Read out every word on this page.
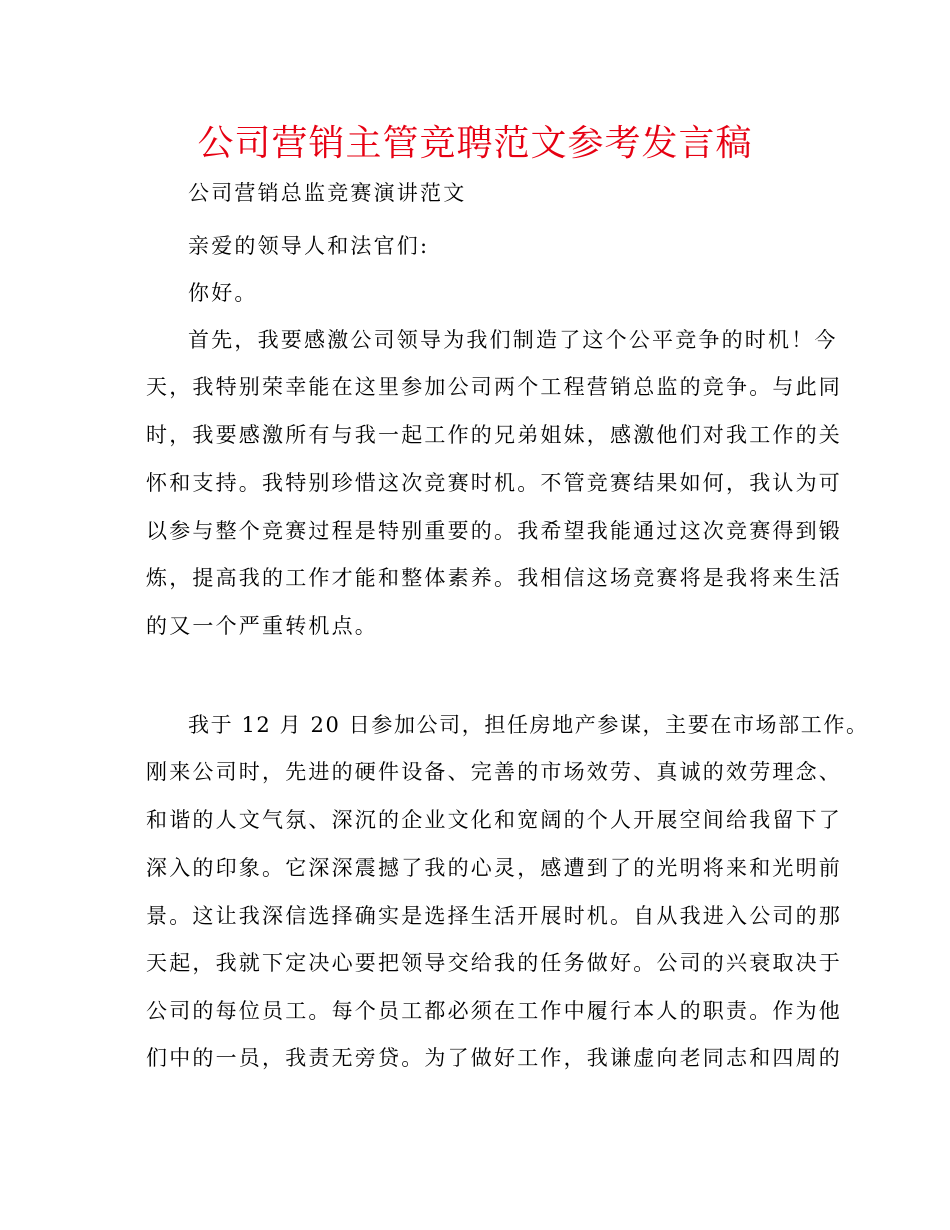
公司营销主管竞聘范文参考发言稿
公司营销总监竞赛演讲范文
亲爱的领导人和法官们:
你好。
首先，我要感激公司领导为我们制造了这个公平竞争的时机！今
天，我特别荣幸能在这里参加公司两个工程营销总监的竞争。与此同
时，我要感激所有与我一起工作的兄弟姐妹，感激他们对我工作的关
怀和支持。我特别珍惜这次竞赛时机。不管竞赛结果如何，我认为可
以参与整个竞赛过程是特别重要的。我希望我能通过这次竞赛得到锻
炼，提高我的工作才能和整体素养。我相信这场竞赛将是我将来生活
的又一个严重转机点。
我于 12 月 20 日参加公司，担任房地产参谋，主要在市场部工作。
刚来公司时，先进的硬件设备、完善的市场效劳、真诚的效劳理念、
和谐的人文气氛、深沉的企业文化和宽阔的个人开展空间给我留下了
深入的印象。它深深震撼了我的心灵，感遭到了的光明将来和光明前
景。这让我深信选择确实是选择生活开展时机。自从我进入公司的那
天起，我就下定决心要把领导交给我的任务做好。公司的兴衰取决于
公司的每位员工。每个员工都必须在工作中履行本人的职责。作为他
们中的一员，我责无旁贷。为了做好工作，我谦虚向老同志和四周的
